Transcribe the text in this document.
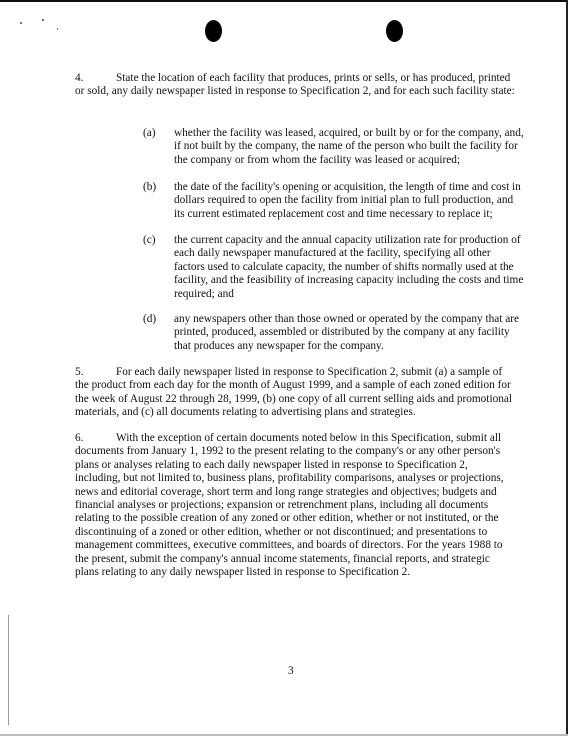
4.	State the location of each facility that produces, prints or sells, or has produced, printed or sold, any daily newspaper listed in response to Specification 2, and for each such facility state:
(a) whether the facility was leased, acquired, or built by or for the company, and, if not built by the company, the name of the person who built the facility for the company or from whom the facility was leased or acquired;
(b) the date of the facility's opening or acquisition, the length of time and cost in dollars required to open the facility from initial plan to full production, and its current estimated replacement cost and time necessary to replace it;
(c) the current capacity and the annual capacity utilization rate for production of each daily newspaper manufactured at the facility, specifying all other factors used to calculate capacity, the number of shifts normally used at the facility, and the feasibility of increasing capacity including the costs and time required; and
(d) any newspapers other than those owned or operated by the company that are printed, produced, assembled or distributed by the company at any facility that produces any newspaper for the company.
5.	For each daily newspaper listed in response to Specification 2, submit (a) a sample of the product from each day for the month of August 1999, and a sample of each zoned edition for the week of August 22 through 28, 1999, (b) one copy of all current selling aids and promotional materials, and (c) all documents relating to advertising plans and strategies.
6.	With the exception of certain documents noted below in this Specification, submit all documents from January 1, 1992 to the present relating to the company's or any other person's plans or analyses relating to each daily newspaper listed in response to Specification 2, including, but not limited to, business plans, profitability comparisons, analyses or projections, news and editorial coverage, short term and long range strategies and objectives; budgets and financial analyses or projections; expansion or retrenchment plans, including all documents relating to the possible creation of any zoned or other edition, whether or not instituted, or the discontinuing of a zoned or other edition, whether or not discontinued; and presentations to management committees, executive committees, and boards of directors. For the years 1988 to the present, submit the company's annual income statements, financial reports, and strategic plans relating to any daily newspaper listed in response to Specification 2.
3
